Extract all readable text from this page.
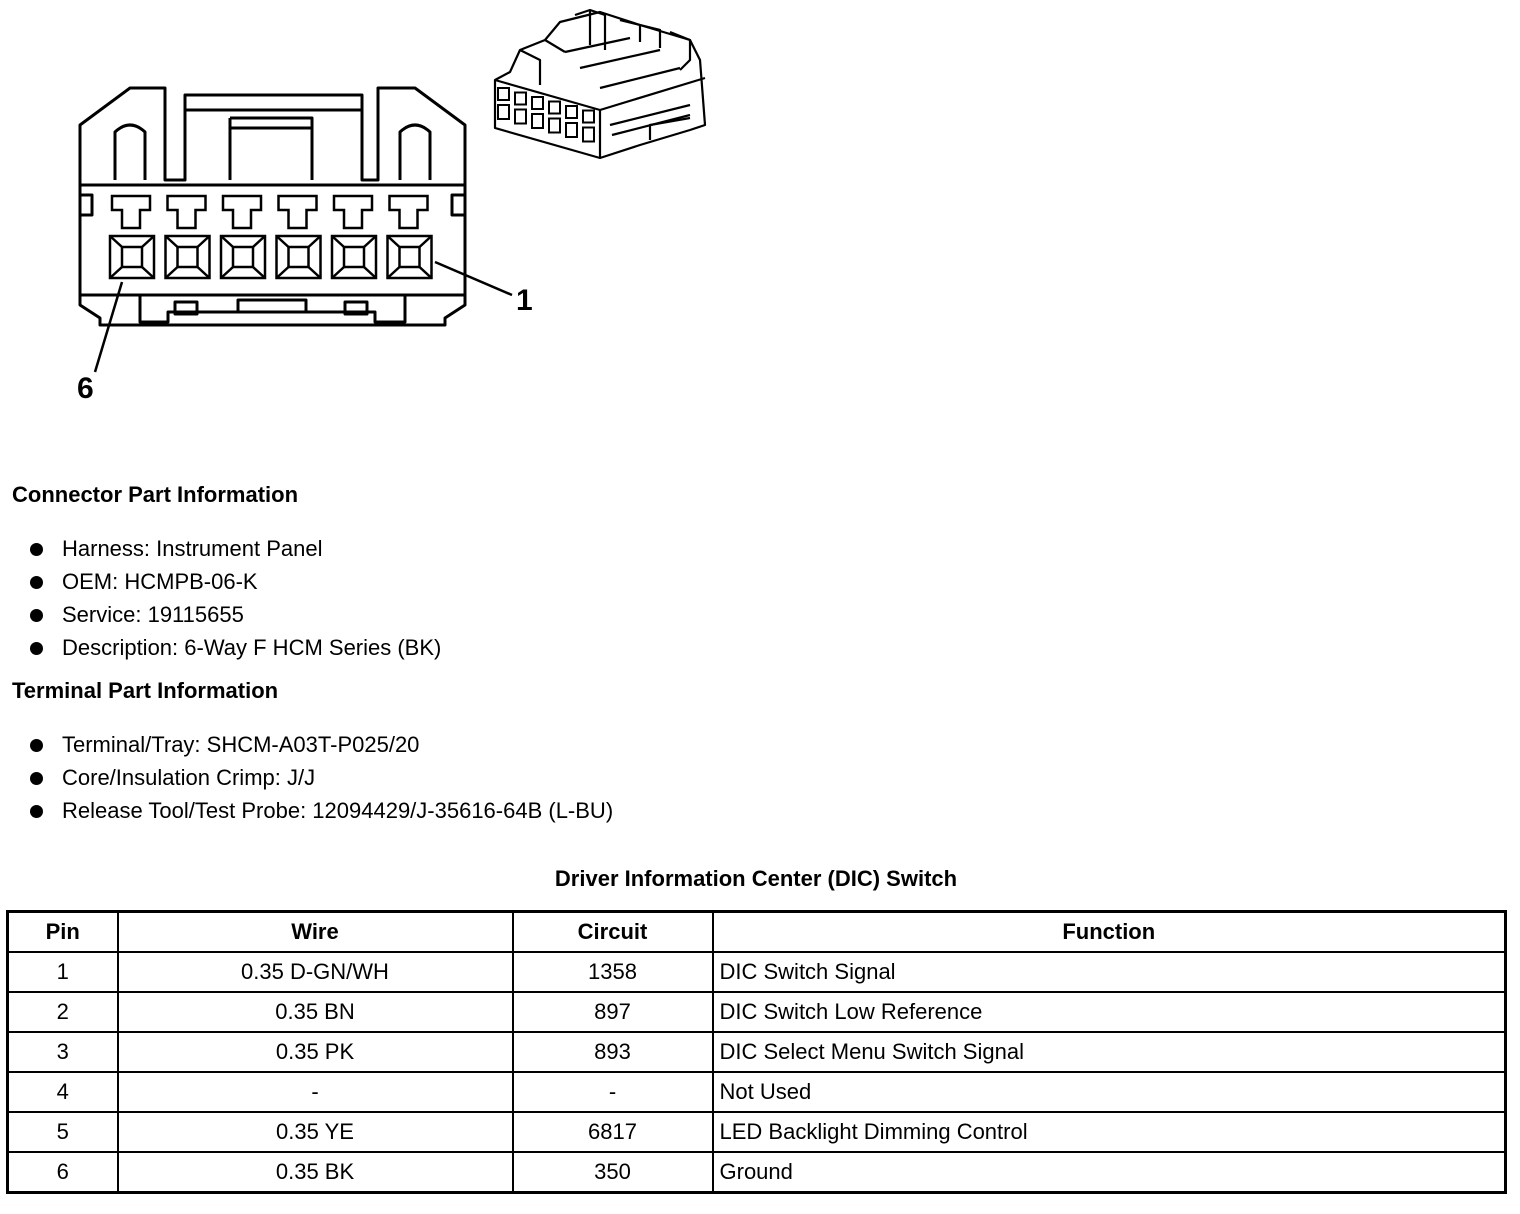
1
6
Connector Part Information
Harness: Instrument Panel
OEM: HCMPB-06-K
Service: 19115655
Description: 6-Way F HCM Series (BK)
Terminal Part Information
Terminal/Tray: SHCM-A03T-P025/20
Core/Insulation Crimp: J/J
Release Tool/Test Probe: 12094429/J-35616-64B (L-BU)
Driver Information Center (DIC) Switch
Pin	Wire	Circuit	Function
1	0.35 D-GN/WH	1358	DIC Switch Signal
2	0.35 BN	897	DIC Switch Low Reference
3	0.35 PK	893	DIC Select Menu Switch Signal
4	-	-	Not Used
5	0.35 YE	6817	LED Backlight Dimming Control
6	0.35 BK	350	Ground
